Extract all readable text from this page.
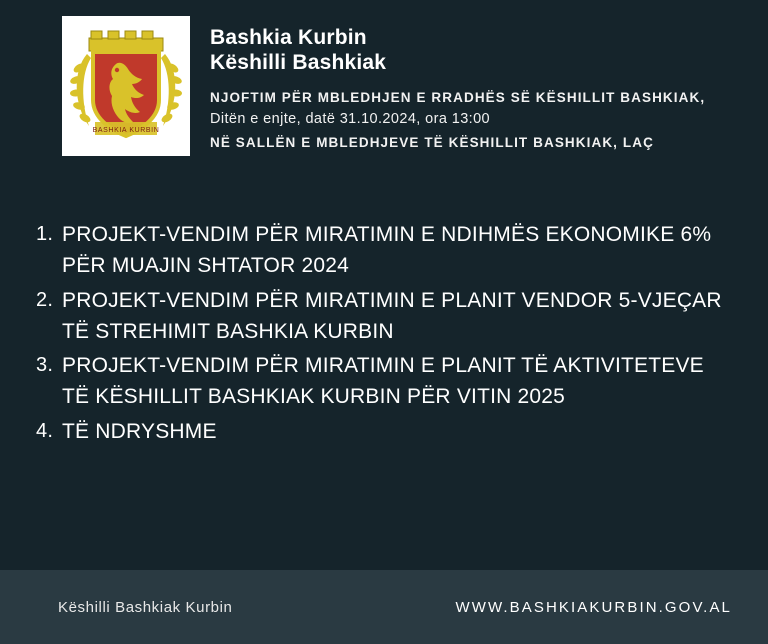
BASHKIA KURBIN
Bashkia Kurbin
Këshilli Bashkiak
NJOFTIM PËR MBLEDHJEN E RRADHËS SË KËSHILLIT BASHKIAK,
Ditën e enjte, datë 31.10.2024, ora 13:00
NË SALLËN E MBLEDHJEVE TË KËSHILLIT BASHKIAK, LAÇ
PROJEKT-VENDIM PËR MIRATIMIN E NDIHMËS EKONOMIKE 6% PËR MUAJIN SHTATOR 2024
PROJEKT-VENDIM PËR MIRATIMIN E PLANIT VENDOR 5-VJEÇAR TË STREHIMIT BASHKIA KURBIN
PROJEKT-VENDIM PËR MIRATIMIN E PLANIT TË AKTIVITETEVE TË KËSHILLIT BASHKIAK KURBIN PËR VITIN 2025
TË NDRYSHME
Këshilli Bashkiak Kurbin	WWW.BASHKIAKURBIN.GOV.AL
